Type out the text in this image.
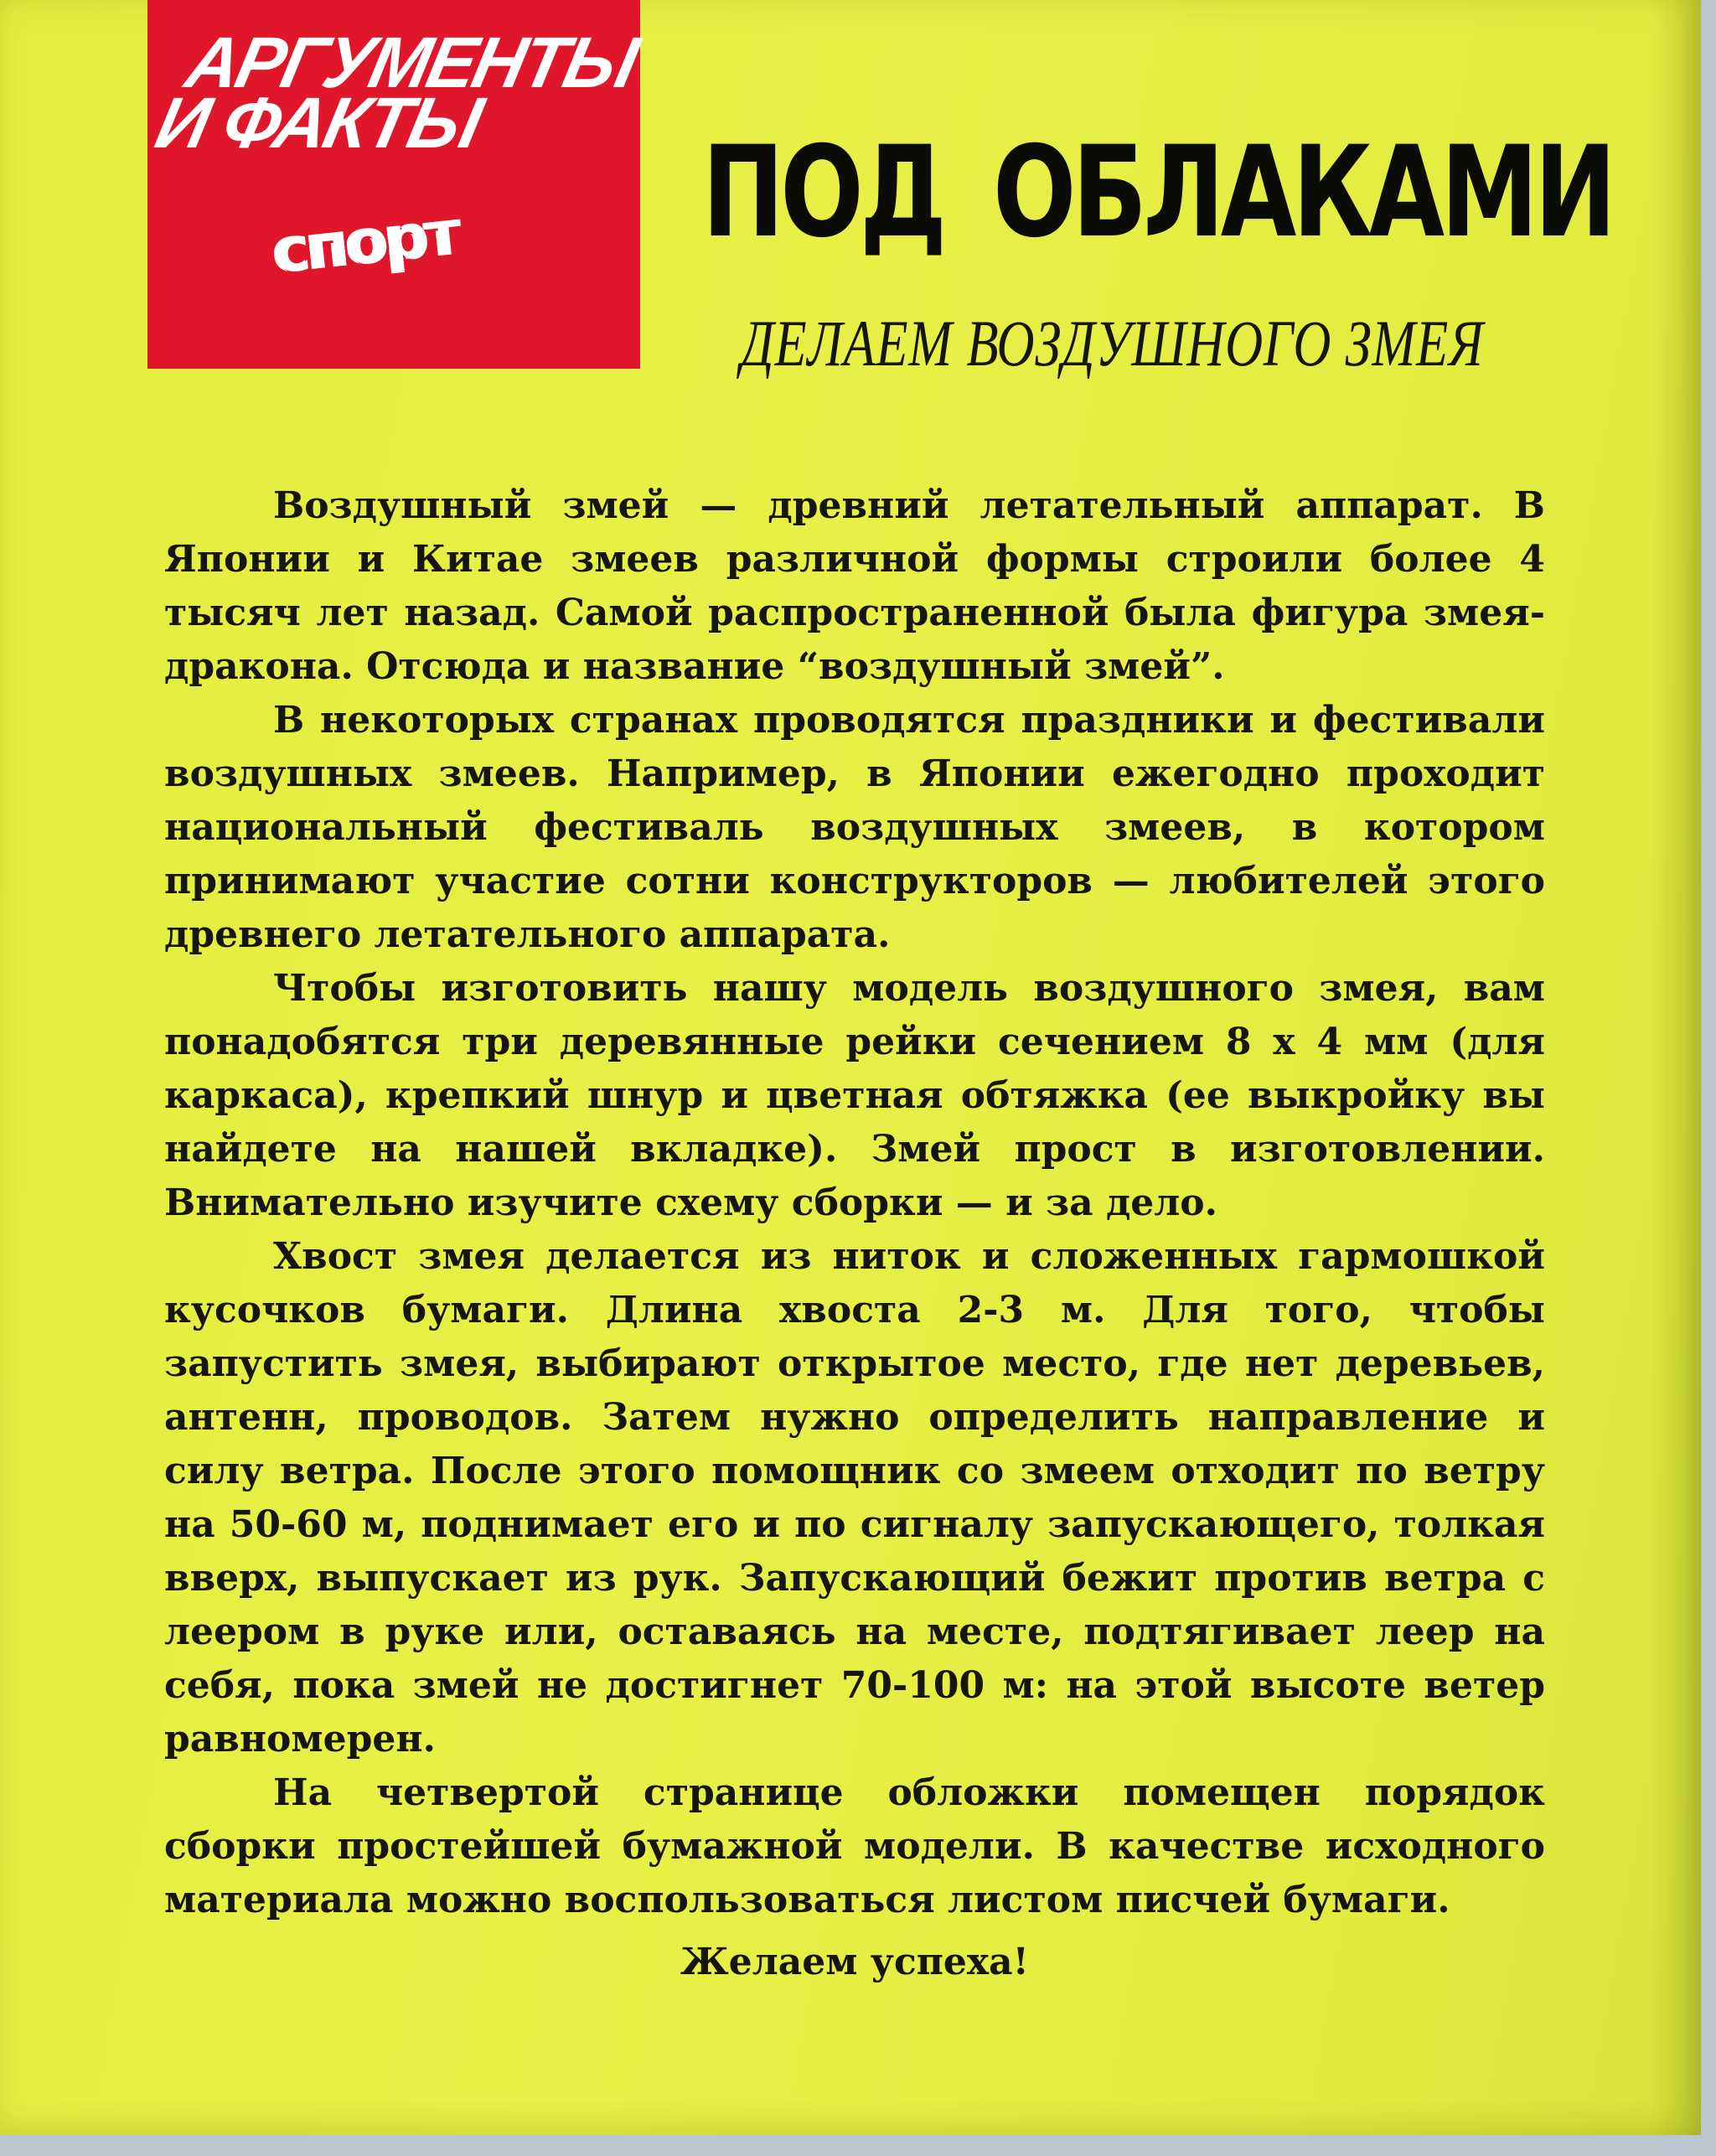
АРГУМЕНТЫ
И ФАКТЫ
спорт ПОД ОБЛАКАМИ
ДЕЛАЕМ ВОЗДУШНОГО ЗМЕЯ

Воздушный змей — древний летательный аппарат. В Японии и Китае змеев различной формы строили более 4 тысяч лет назад. Самой распространенной была фигура змея-дракона. Отсюда и название “воздушный змей”.

В некоторых странах проводятся праздники и фестивали воздушных змеев. Например, в Японии ежегодно проходит национальный фестиваль воздушных змеев, в котором принимают участие сотни конструкторов — любителей этого древнего летательного аппарата.

Чтобы изготовить нашу модель воздушного змея, вам понадобятся три деревянные рейки сечением 8 х 4 мм (для каркаса), крепкий шнур и цветная обтяжка (ее выкройку вы найдете на нашей вкладке). Змей прост в изготовлении. Внимательно изучите схему сборки — и за дело.

Хвост змея делается из ниток и сложенных гармошкой кусочков бумаги. Длина хвоста 2-3 м. Для того, чтобы запустить змея, выбирают открытое место, где нет деревьев, антенн, проводов. Затем нужно определить направление и силу ветра. После этого помощник со змеем отходит по ветру на 50-60 м, поднимает его и по сигналу запускающего, толкая вверх, выпускает из рук. Запускающий бежит против ветра с леером в руке или, оставаясь на месте, подтягивает леер на себя, пока змей не достигнет 70-100 м: на этой высоте ветер равномерен.

На четвертой странице обложки помещен порядок сборки простейшей бумажной модели. В качестве исходного материала можно воспользоваться листом писчей бумаги.

Желаем успеха!
